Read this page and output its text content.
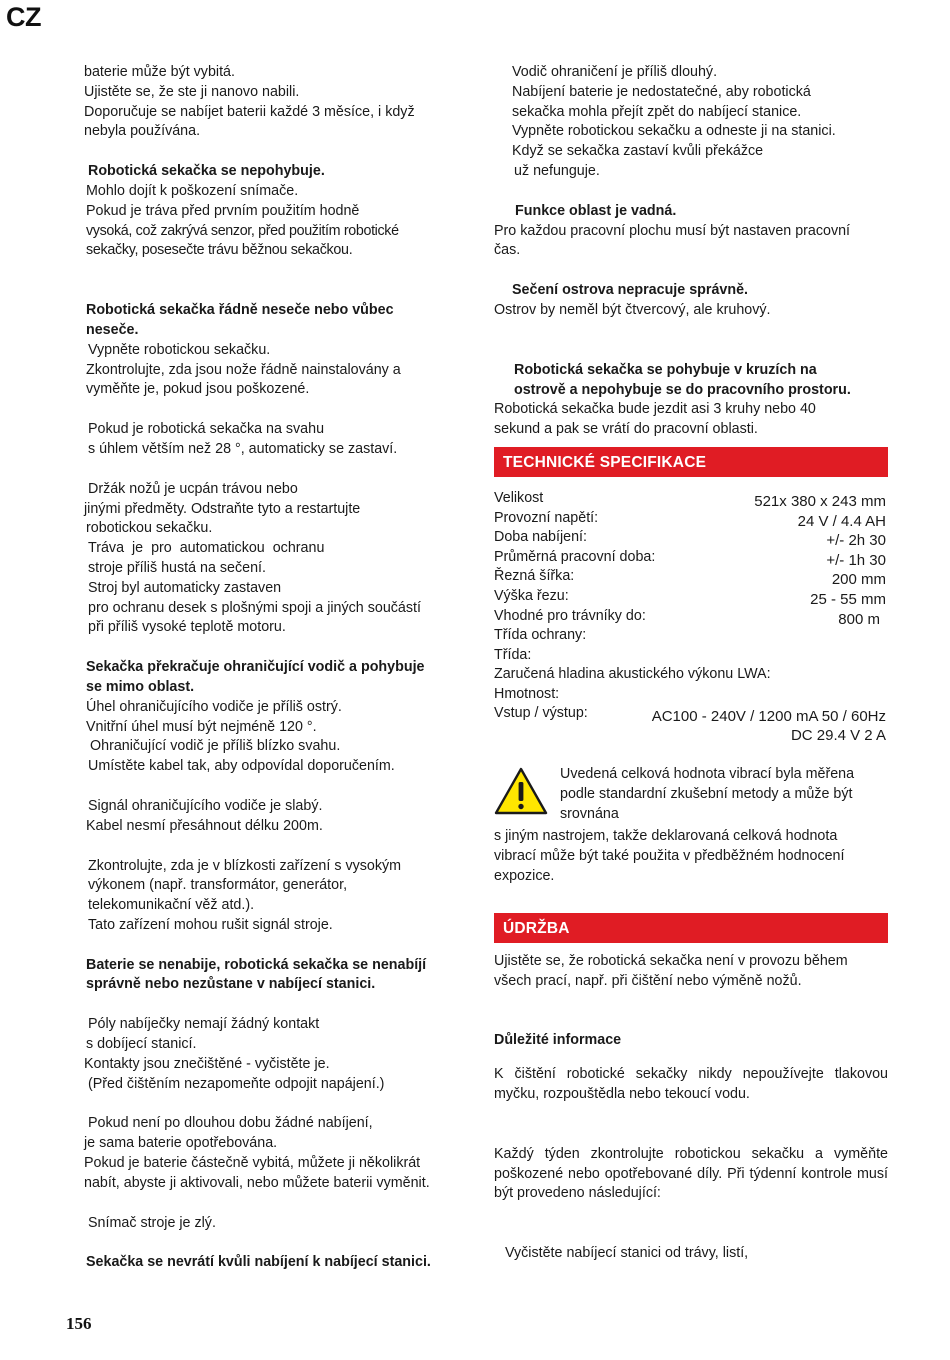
CZ
baterie může být vybitá.
Ujistěte se, že ste ji nanovo nabili.
Doporučuje se nabíjet baterii každé 3 měsíce, i když
nebyla používána.
Robotická sekačka se nepohybuje.
Mohlo dojít k poškození snímače.
Pokud je tráva před prvním použitím hodně
vysoká, což zakrývá senzor, před použitím robotické
sekačky, posesečte trávu běžnou sekačkou.
Robotická sekačka řádně neseče nebo vůbec
neseče.
Vypněte robotickou sekačku.
Zkontrolujte, zda jsou nože řádně nainstalovány a
vyměňte je, pokud jsou poškozené.
Pokud je robotická sekačka na svahu
s úhlem větším než 28 °, automaticky se zastaví.
Držák nožů je ucpán trávou nebo
jinými předměty. Odstraňte tyto a restartujte
robotickou sekačku.
Tráva je pro automatickou ochranu
stroje příliš hustá na sečení.
Stroj byl automaticky zastaven
pro ochranu desek s plošnými spoji a jiných součástí
při příliš vysoké teplotě motoru.
Sekačka překračuje ohraničující vodič a pohybuje
se mimo oblast.
Úhel ohraničujícího vodiče je příliš ostrý.
Vnitřní úhel musí být nejméně 120 °.
Ohraničující vodič je příliš blízko svahu.
Umístěte kabel tak, aby odpovídal doporučením.
Signál ohraničujícího vodiče je slabý.
Kabel nesmí přesáhnout délku 200m.
Zkontrolujte, zda je v blízkosti zařízení s vysokým
výkonem (např. transformátor, generátor,
telekomunikační věž atd.).
Tato zařízení mohou rušit signál stroje.
Baterie se nenabije, robotická sekačka se nenabíjí
správně nebo nezůstane v nabíjecí stanici.
Póly nabíječky nemají žádný kontakt
s dobíjecí stanicí.
Kontakty jsou znečištěné - vyčistěte je.
(Před čištěním nezapomeňte odpojit napájení.)
Pokud není po dlouhou dobu žádné nabíjení,
je sama baterie opotřebována.
Pokud je baterie částečně vybitá, můžete ji několikrát
nabít, abyste ji aktivovali, nebo můžete baterii vyměnit.
Snímač stroje je zlý.
Sekačka se nevrátí kvůli nabíjení k nabíjecí stanici.
Vodič ohraničení je příliš dlouhý.
Nabíjení baterie je nedostatečné, aby robotická
sekačka mohla přejít zpět do nabíjecí stanice.
Vypněte robotickou sekačku a odneste ji na stanici.
Když se sekačka zastaví kvůli překážce
už nefunguje.
Funkce oblast je vadná.
Pro každou pracovní plochu musí být nastaven pracovní
čas.
Sečení ostrova nepracuje správně.
Ostrov by neměl být čtvercový, ale kruhový.
Robotická sekačka se pohybuje v kruzích na
ostrově a nepohybuje se do pracovního prostoru.
Robotická sekačka bude jezdit asi 3 kruhy nebo 40
sekund a pak se vrátí do pracovní oblasti.
TECHNICKÉ SPECIFIKACE
Velikost	521x 380 x 243 mm
Provozní napětí:	24 V / 4.4 AH
Doba nabíjení:	+/- 2h 30
Průměrná pracovní doba:	+/- 1h 30
Řezná šířka:	200 mm
Výška řezu:	25 - 55 mm
Vhodné pro trávníky do:	800 m
Třída ochrany:
Třída:
Zaručená hladina akustického výkonu LWA:
Hmotnost:
Vstup / výstup:	AC100 - 240V / 1200 mA 50 / 60Hz
DC 29.4 V 2 A
Uvedená celková hodnota vibrací byla měřena
podle standardní zkušební metody a může být
srovnána
s jiným nastrojem, takže deklarovaná celková hodnota
vibrací může být také použita v předběžném hodnocení
expozice.
ÚDRŽBA
Ujistěte se, že robotická sekačka není v provozu během
všech prací, např. při čištění nebo výměně nožů.
Důležité informace
K čištění robotické sekačky nikdy nepoužívejte tlakovou myčku, rozpouštědla nebo tekoucí vodu.
Každý týden zkontrolujte robotickou sekačku a vyměňte poškozené nebo opotřebované díly. Při týdenní kontrole musí být provedeno následující:
Vyčistěte nabíjecí stanici od trávy, listí,
156
